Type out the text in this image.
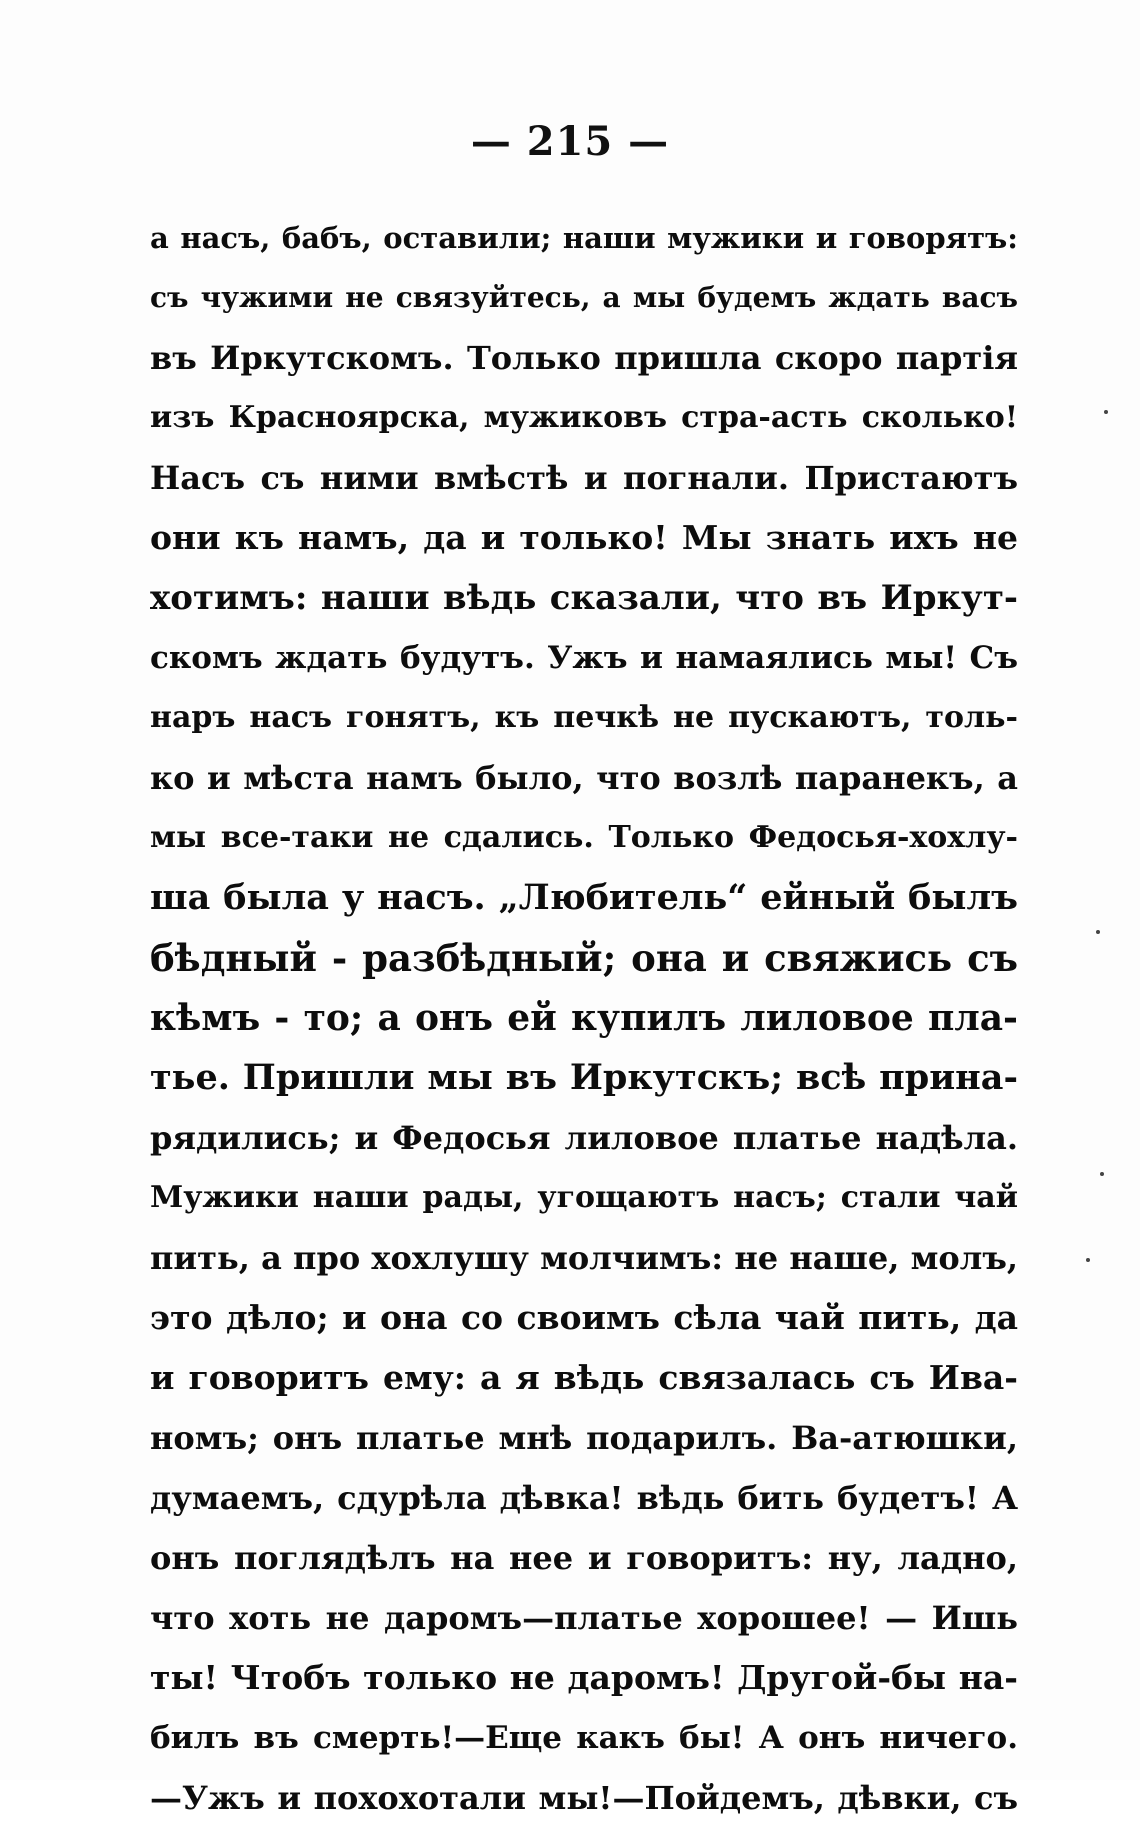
— 215 —
а насъ, бабъ, оставили; наши мужики и говорятъ:
съ чужими не связуйтесь, а мы будемъ ждать васъ
въ Иркутскомъ. Только пришла скоро партія
изъ Красноярска, мужиковъ стра-асть сколько!
Насъ съ ними вмѣстѣ и погнали. Пристаютъ
они къ намъ, да и только! Мы знать ихъ не
хотимъ: наши вѣдь сказали, что въ Иркут-
скомъ ждать будутъ. Ужъ и намаялись мы! Съ
наръ насъ гонятъ, къ печкѣ не пускаютъ, толь-
ко и мѣста намъ было, что возлѣ паранекъ, а
мы все-таки не сдались. Только Федосья-хохлу-
ша была у насъ. „Любитель“ ейный былъ
бѣдный - разбѣдный; она и свяжись съ
кѣмъ - то; а онъ ей купилъ лиловое пла-
тье. Пришли мы въ Иркутскъ; всѣ прина-
рядились; и Федосья лиловое платье надѣла.
Мужики наши рады, угощаютъ насъ; стали чай
пить, а про хохлушу молчимъ: не наше, молъ,
это дѣло; и она со своимъ сѣла чай пить, да
и говоритъ ему: а я вѣдь связалась съ Ива-
номъ; онъ платье мнѣ подарилъ. Ва-атюшки,
думаемъ, сдурѣла дѣвка! вѣдь бить будетъ! А
онъ поглядѣлъ на нее и говоритъ: ну, ладно,
что хоть не даромъ—платье хорошее! — Ишь
ты! Чтобъ только не даромъ! Другой-бы на-
билъ въ смерть!—Еще какъ бы! А онъ ничего.
—Ужъ и похохотали мы!—Пойдемъ, дѣвки, съ
